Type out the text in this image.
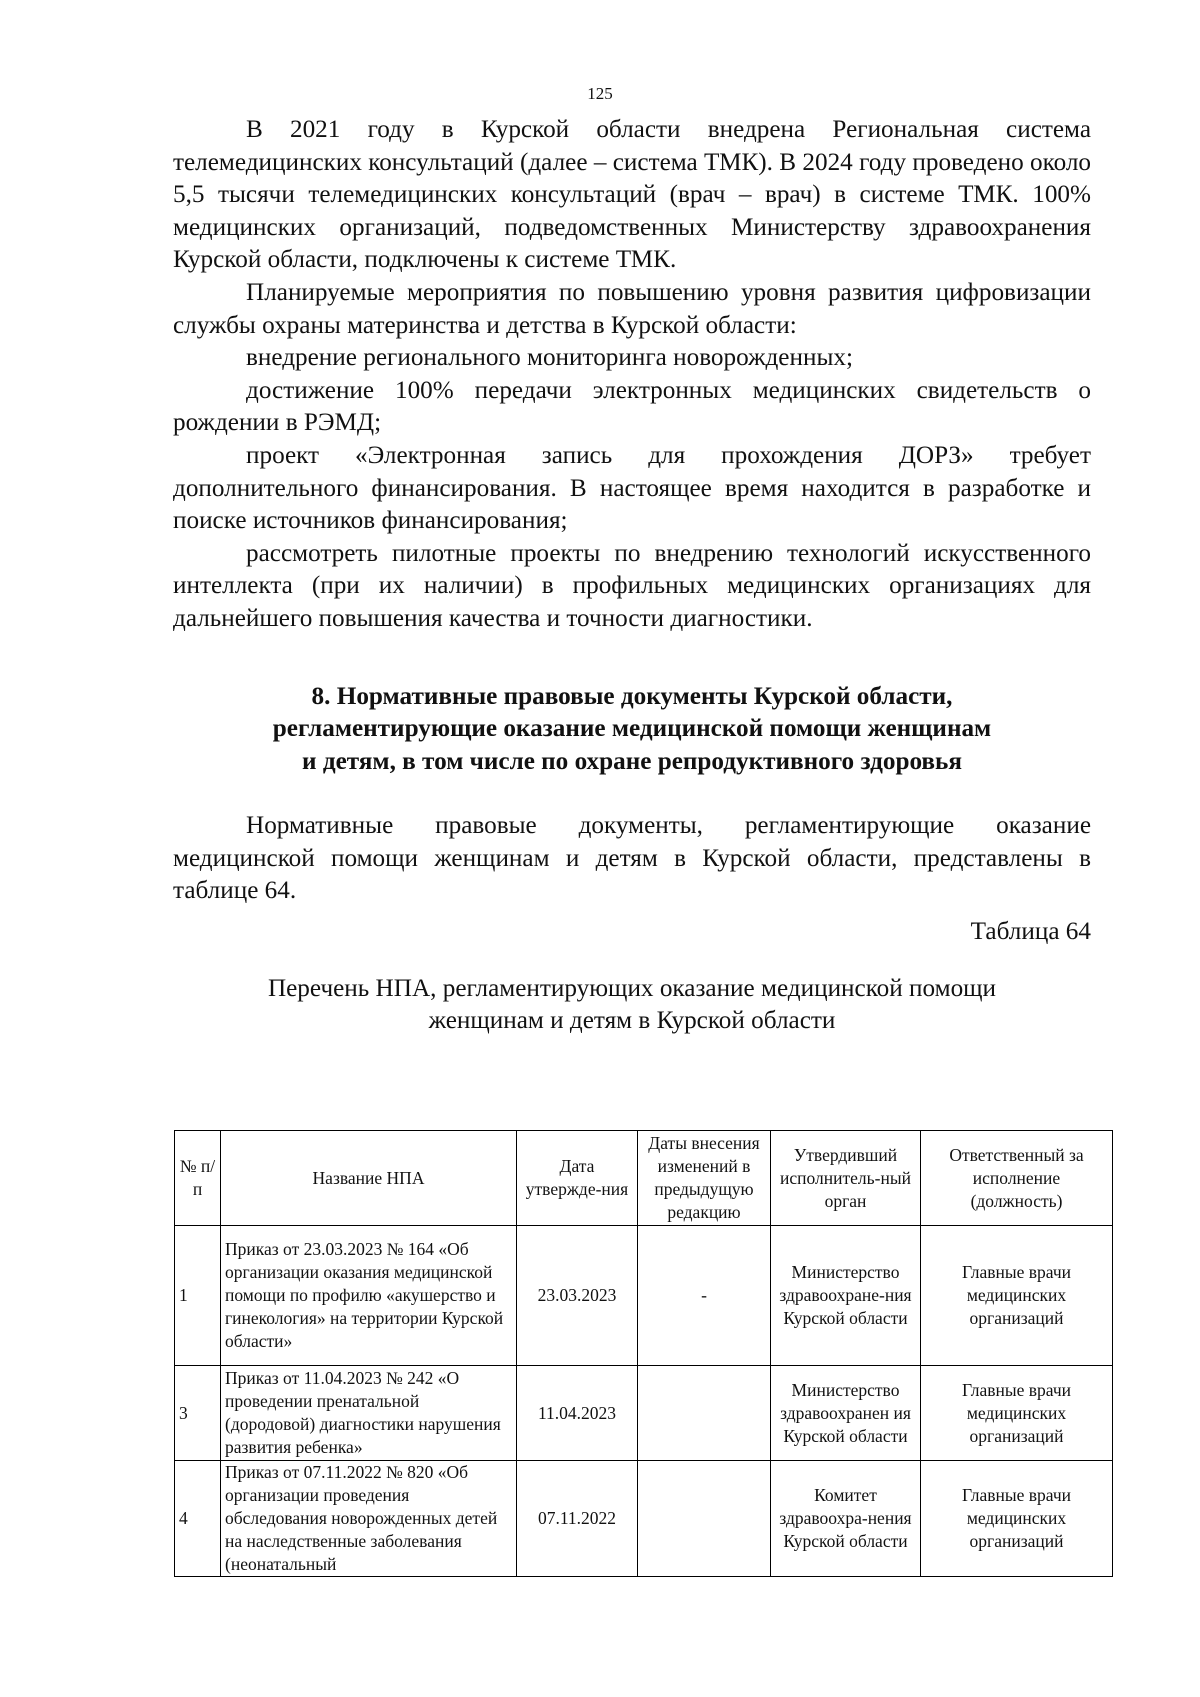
125

В 2021 году в Курской области внедрена Региональная система телемедицинских консультаций (далее – система ТМК). В 2024 году проведено около 5,5 тысячи телемедицинских консультаций (врач – врач) в системе ТМК. 100% медицинских организаций, подведомственных Министерству здравоохранения Курской области, подключены к системе ТМК.

Планируемые мероприятия по повышению уровня развития цифровизации службы охраны материнства и детства в Курской области:

внедрение регионального мониторинга новорожденных;

достижение 100% передачи электронных медицинских свидетельств о рождении в РЭМД;

проект «Электронная запись для прохождения ДОРЗ» требует дополнительного финансирования. В настоящее время находится в разработке и поиске источников финансирования;

рассмотреть пилотные проекты по внедрению технологий искусственного интеллекта (при их наличии) в профильных медицинских организациях для дальнейшего повышения качества и точности диагностики.

8. Нормативные правовые документы Курской области,

регламентирующие оказание медицинской помощи женщинам

и детям, в том числе по охране репродуктивного здоровья

Нормативные правовые документы, регламентирующие оказание медицинской помощи женщинам и детям в Курской области, представлены в таблице 64.

Таблица 64

Перечень НПА, регламентирующих оказание медицинской помощи

женщинам и детям в Курской области

№ п/п	Название НПА	Дата утвержде-ния	Даты внесения изменений в предыдущую редакцию	Утвердивший исполнитель-ный орган	Ответственный за исполнение (должность)
1	Приказ от 23.03.2023 № 164 «Об организации оказания медицинской помощи по профилю «акушерство и гинекология» на территории Курской области»	23.03.2023	-	Министерство здравоохране-ния Курской области	Главные врачи медицинских организаций
3	Приказ от 11.04.2023 № 242 «О проведении пренатальной (дородовой) диагностики нарушения развития ребенка»	11.04.2023		Министерство здравоохранен ия Курской области	Главные врачи медицинских организаций
4	Приказ от 07.11.2022 № 820 «Об организации проведения обследования новорожденных детей на наследственные заболевания (неонатальный	07.11.2022		Комитет здравоохра-нения Курской области	Главные врачи медицинских организаций
